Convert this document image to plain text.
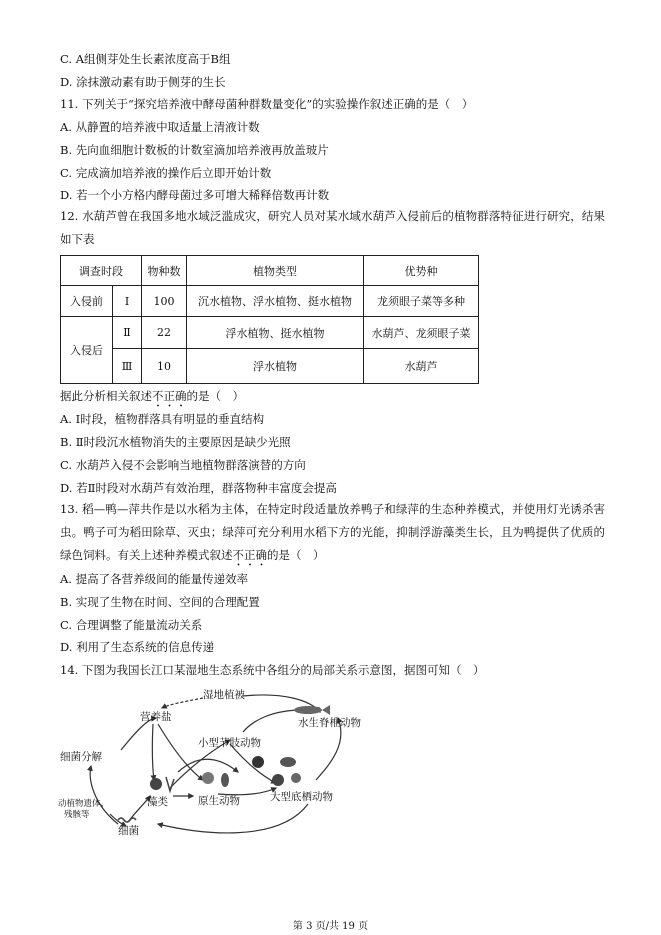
C. A组侧芽处生长素浓度高于B组
D. 涂抹激动素有助于侧芽的生长
11. 下列关于“探究培养液中酵母菌种群数量变化”的实验操作叙述正确的是（　）
A. 从静置的培养液中取适量上清液计数
B. 先向血细胞计数板的计数室滴加培养液再放盖玻片
C. 完成滴加培养液的操作后立即开始计数
D. 若一个小方格内酵母菌过多可增大稀释倍数再计数
12. 水葫芦曾在我国多地水域泛滥成灾，研究人员对某水域水葫芦入侵前后的植物群落特征进行研究，结果如下表
调查时段		物种数	植物类型	优势种
入侵前	Ⅰ	100	沉水植物、浮水植物、挺水植物	龙须眼子菜等多种
入侵后	Ⅱ	22	浮水植物、挺水植物	水葫芦、龙须眼子菜
	Ⅲ	10	浮水植物	水葫芦
据此分析相关叙述不正确的是（　）
A. Ⅰ时段，植物群落具有明显的垂直结构
B. Ⅱ时段沉水植物消失的主要原因是缺少光照
C. 水葫芦入侵不会影响当地植物群落演替的方向
D. 若Ⅱ时段对水葫芦有效治理，群落物种丰富度会提高
13. 稻—鸭—萍共作是以水稻为主体，在特定时段适量放养鸭子和绿萍的生态种养模式，并使用灯光诱杀害虫。鸭子可为稻田除草、灭虫；绿萍可充分利用水稻下方的光能，抑制浮游藻类生长，且为鸭提供了优质的绿色饲料。有关上述种养模式叙述不正确的是（　）
A. 提高了各营养级间的能量传递效率
B. 实现了生物在时间、空间的合理配置
C. 合理调整了能量流动关系
D. 利用了生态系统的信息传递
14. 下图为我国长江口某湿地生态系统中各组分的局部关系示意图，据图可知（　）
湿地植被
营养盐
水生脊椎动物
小型节肢动物
细菌分解
藻类	原生动物	大型底栖动物
动植物遗体、
残骸等
细菌
第 3 页/共 19 页
